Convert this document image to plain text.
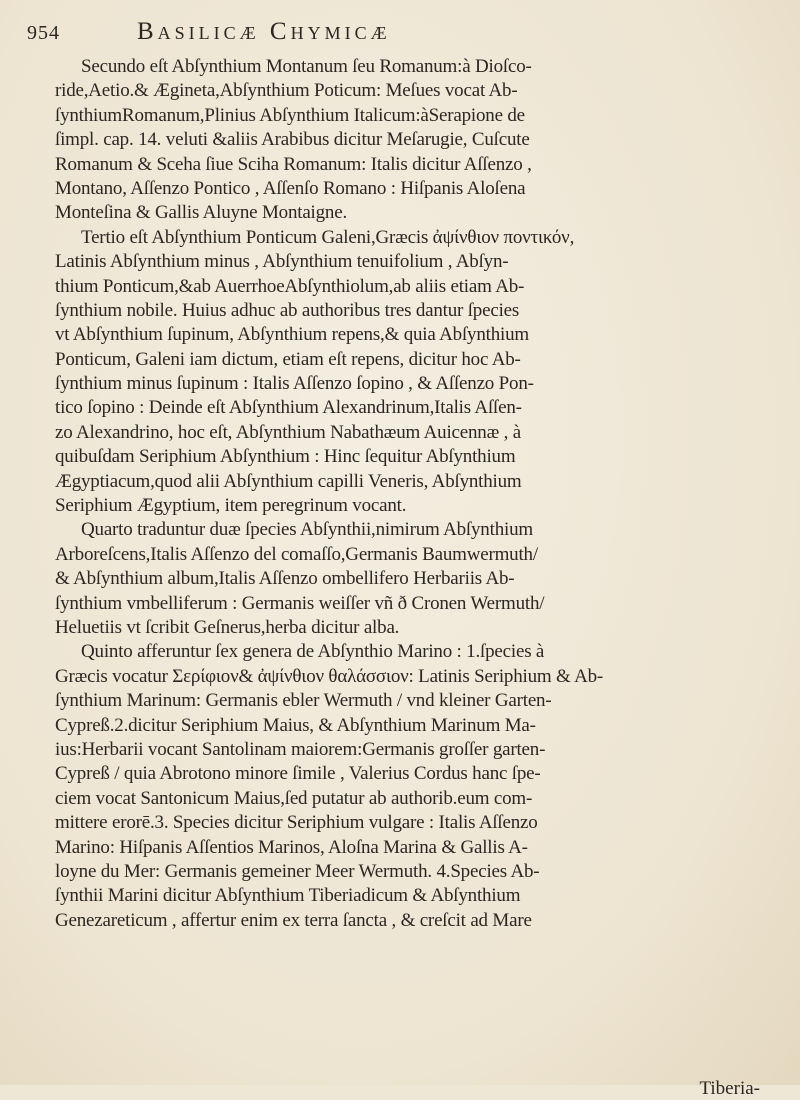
954	Basilicæ Chymicæ
Secundo eſt Abſynthium Montanum ſeu Romanum:à Dioſco-
ride,Aetio.& Ægineta,Abſynthium Poticum: Meſues vocat Ab-
ſynthiumRomanum,Plinius Abſynthium Italicum:àSerapione de
ſimpl. cap. 14. veluti &aliis Arabibus dicitur Meſarugie, Cuſcute
Romanum & Sceha ſiue Sciha Romanum: Italis dicitur Aſſenzo ,
Montano, Aſſenzo Pontico , Aſſenſo Romano : Hiſpanis Aloſena
Monteſina & Gallis Aluyne Montaigne.
Tertio eſt Abſynthium Ponticum Galeni,Græcis ἀψίνθιον ποντικόν,
Latinis Abſynthium minus , Abſynthium tenuifolium , Abſyn-
thium Ponticum,&ab AuerrhoeAbſynthiolum,ab aliis etiam Ab-
ſynthium nobile. Huius adhuc ab authoribus tres dantur ſpecies
vt Abſynthium ſupinum, Abſynthium repens,& quia Abſynthium
Ponticum, Galeni iam dictum, etiam eſt repens, dicitur hoc Ab-
ſynthium minus ſupinum : Italis Aſſenzo ſopino , & Aſſenzo Pon-
tico ſopino : Deinde eſt Abſynthium Alexandrinum,Italis Aſſen-
zo Alexandrino, hoc eſt, Abſynthium Nabathæum Auicennæ , à
quibuſdam Seriphium Abſynthium : Hinc ſequitur Abſynthium
Ægyptiacum,quod alii Abſynthium capilli Veneris, Abſynthium
Seriphium Ægyptium, item peregrinum vocant.
Quarto traduntur duæ ſpecies Abſynthii,nimirum Abſynthium
Arboreſcens,Italis Aſſenzo del comaſſo,Germanis Baumwermuth/
& Abſynthium album,Italis Aſſenzo ombellifero Herbariis Ab-
ſynthium vmbelliferum : Germanis weiſſer vñ ð Cronen Wermuth/
Heluetiis vt ſcribit Geſnerus,herba dicitur alba.
Quinto afferuntur ſex genera de Abſynthio Marino : 1.ſpecies à
Græcis vocatur Σερίφιον& ἀψίνθιον θαλάσσιον: Latinis Seriphium & Ab-
ſynthium Marinum: Germanis ebler Wermuth / vnd kleiner Garten-
Cypreß.2.dicitur Seriphium Maius, & Abſynthium Marinum Ma-
ius:Herbarii vocant Santolinam maiorem:Germanis groſſer garten-
Cypreß / quia Abrotono minore ſimile , Valerius Cordus hanc ſpe-
ciem vocat Santonicum Maius,ſed putatur ab authorib.eum com-
mittere erorē.3. Species dicitur Seriphium vulgare : Italis Aſſenzo
Marino: Hiſpanis Aſſentios Marinos, Aloſna Marina & Gallis A-
loyne du Mer: Germanis gemeiner Meer Wermuth. 4.Species Ab-
ſynthii Marini dicitur Abſynthium Tiberiadicum & Abſynthium
Genezareticum , affertur enim ex terra ſancta , & creſcit ad Mare
Tiberia-
